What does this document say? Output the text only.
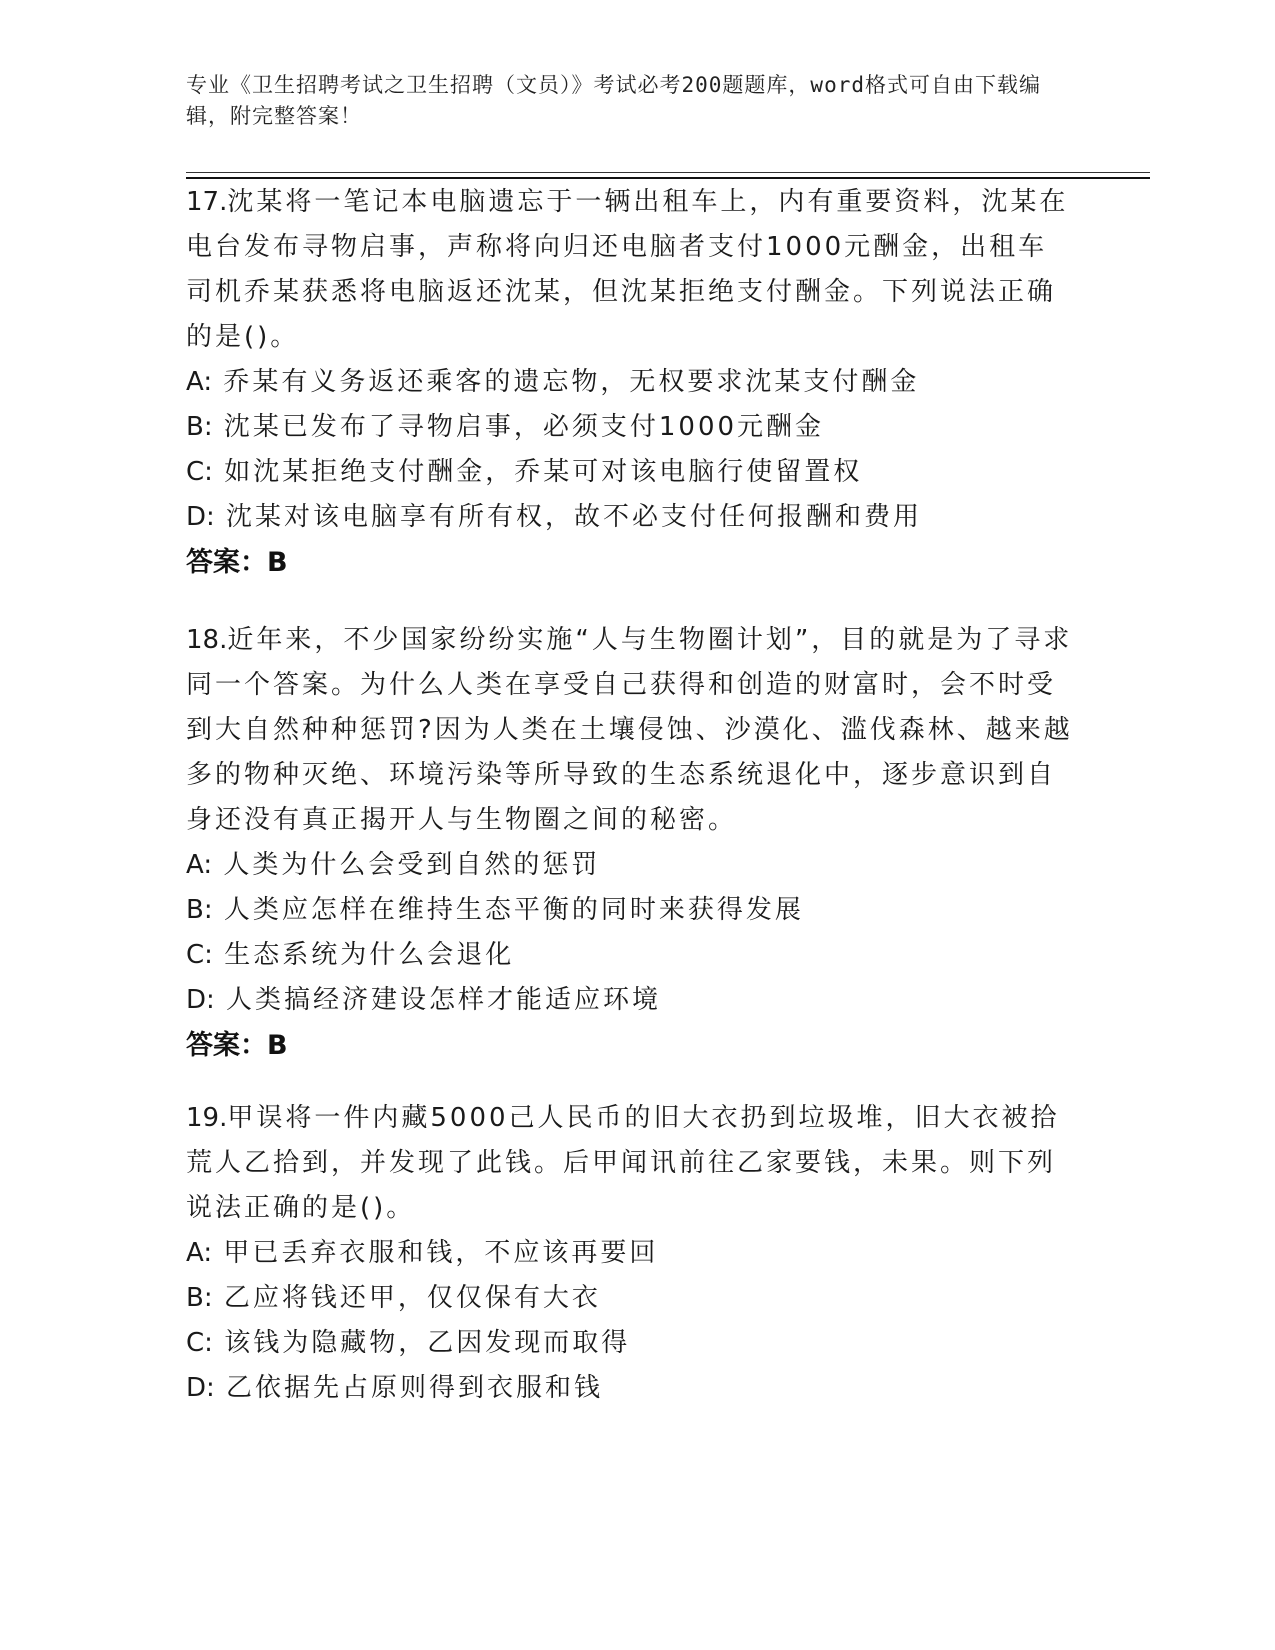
专业《卫生招聘考试之卫生招聘（文员）》考试必考200题题库，word格式可自由下载编辑，附完整答案！

17.沈某将一笔记本电脑遗忘于一辆出租车上，内有重要资料，沈某在电台发布寻物启事，声称将向归还电脑者支付1000元酬金，出租车司机乔某获悉将电脑返还沈某，但沈某拒绝支付酬金。下列说法正确的是()。

A: 乔某有义务返还乘客的遗忘物，无权要求沈某支付酬金

B: 沈某已发布了寻物启事，必须支付1000元酬金

C: 如沈某拒绝支付酬金，乔某可对该电脑行使留置权

D: 沈某对该电脑享有所有权，故不必支付任何报酬和费用

答案：B

18.近年来，不少国家纷纷实施“人与生物圈计划”，目的就是为了寻求同一个答案。为什么人类在享受自己获得和创造的财富时，会不时受到大自然种种惩罚?因为人类在土壤侵蚀、沙漠化、滥伐森林、越来越多的物种灭绝、环境污染等所导致的生态系统退化中，逐步意识到自身还没有真正揭开人与生物圈之间的秘密。

A: 人类为什么会受到自然的惩罚

B: 人类应怎样在维持生态平衡的同时来获得发展

C: 生态系统为什么会退化

D: 人类搞经济建设怎样才能适应环境

答案：B

19.甲误将一件内藏5000己人民币的旧大衣扔到垃圾堆，旧大衣被拾荒人乙拾到，并发现了此钱。后甲闻讯前往乙家要钱，未果。则下列说法正确的是()。

A: 甲已丢弃衣服和钱，不应该再要回

B: 乙应将钱还甲，仅仅保有大衣

C: 该钱为隐藏物，乙因发现而取得

D: 乙依据先占原则得到衣服和钱
